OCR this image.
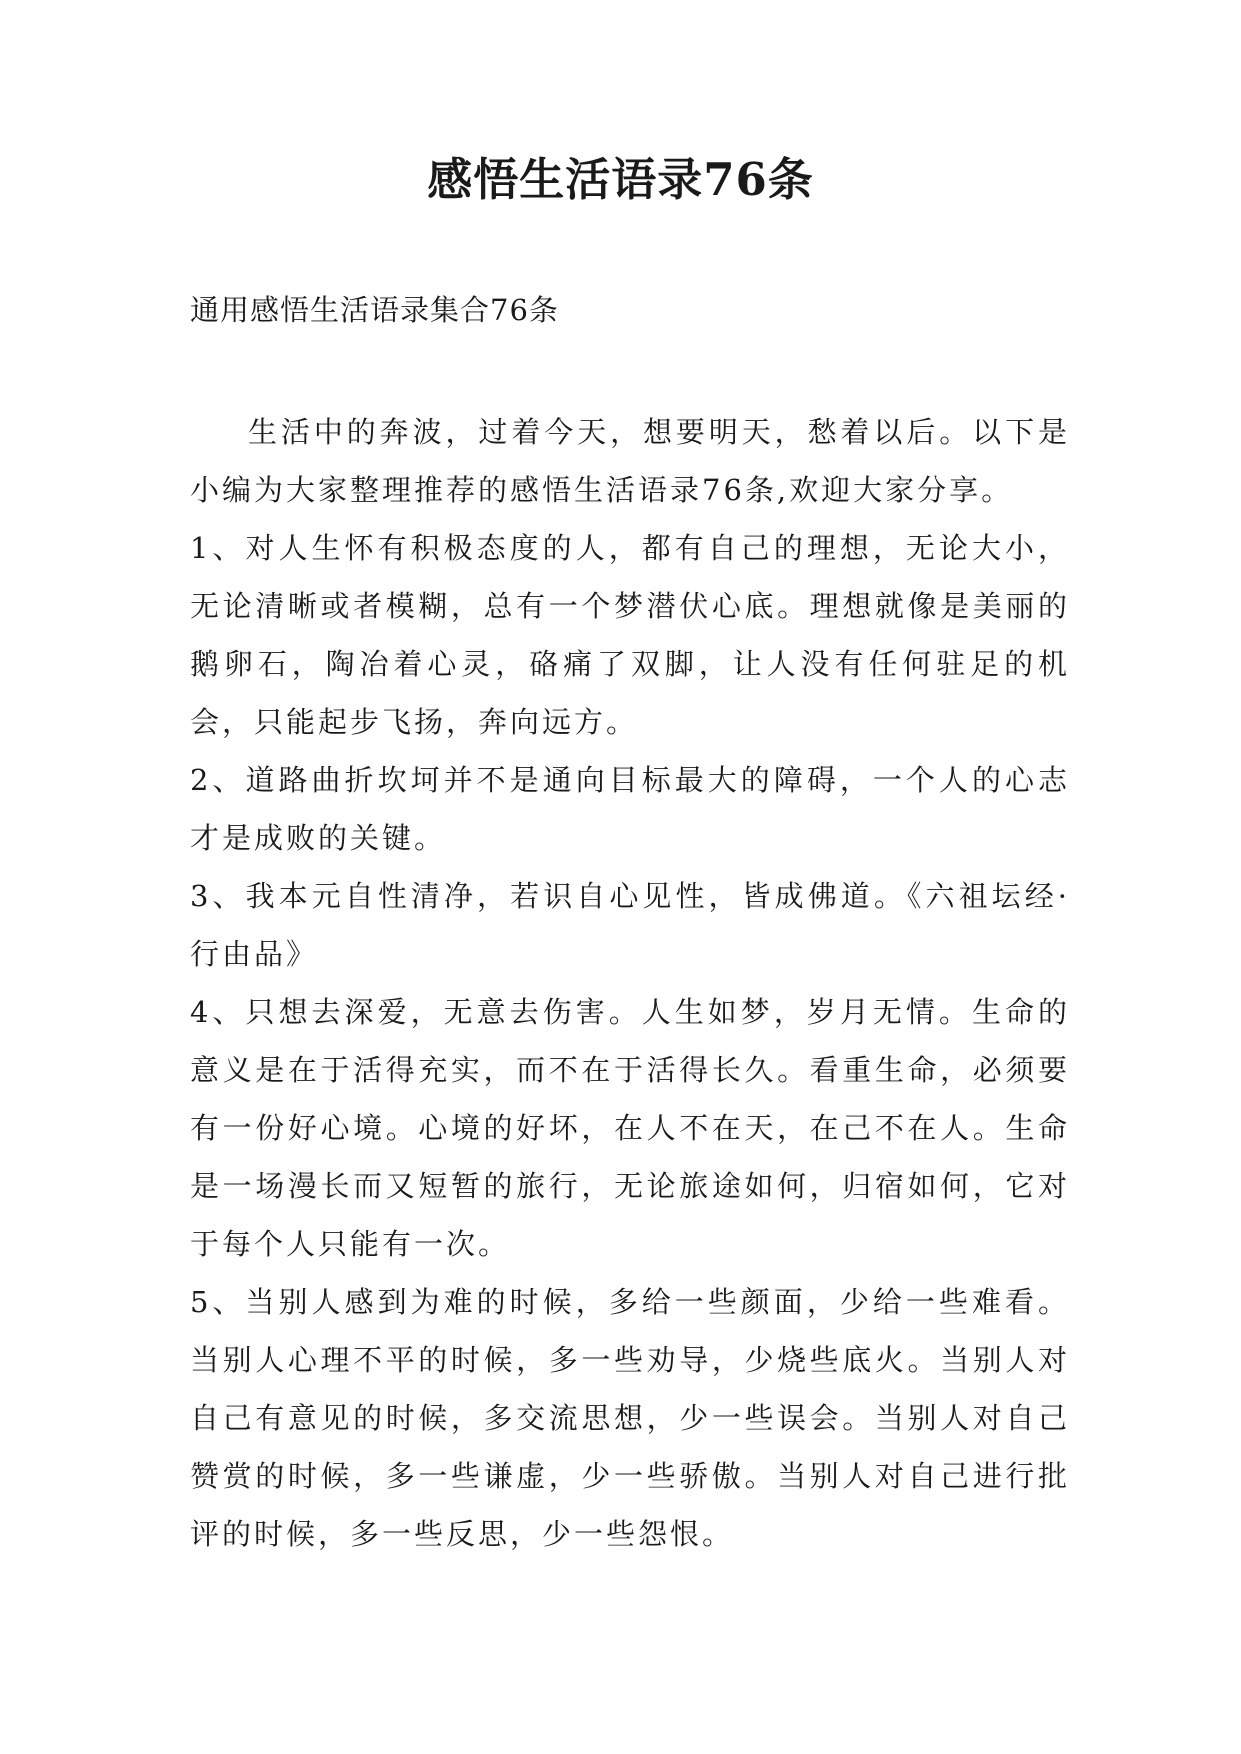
感悟生活语录76条

通用感悟生活语录集合76条

生活中的奔波，过着今天，想要明天，愁着以后。以下是小编为大家整理推荐的感悟生活语录76条,欢迎大家分享。

1、对人生怀有积极态度的人，都有自己的理想，无论大小，无论清晰或者模糊，总有一个梦潜伏心底。理想就像是美丽的鹅卵石，陶冶着心灵，硌痛了双脚，让人没有任何驻足的机会，只能起步飞扬，奔向远方。

2、道路曲折坎坷并不是通向目标最大的障碍，一个人的心志才是成败的关键。

3、我本元自性清净，若识自心见性，皆成佛道。《六祖坛经·行由品》

4、只想去深爱，无意去伤害。人生如梦，岁月无情。生命的意义是在于活得充实，而不在于活得长久。看重生命，必须要有一份好心境。心境的好坏，在人不在天，在己不在人。生命是一场漫长而又短暂的旅行，无论旅途如何，归宿如何，它对于每个人只能有一次。

5、当别人感到为难的时候，多给一些颜面，少给一些难看。当别人心理不平的时候，多一些劝导，少烧些底火。当别人对自己有意见的时候，多交流思想，少一些误会。当别人对自己赞赏的时候，多一些谦虚，少一些骄傲。当别人对自己进行批评的时候，多一些反思，少一些怨恨。
